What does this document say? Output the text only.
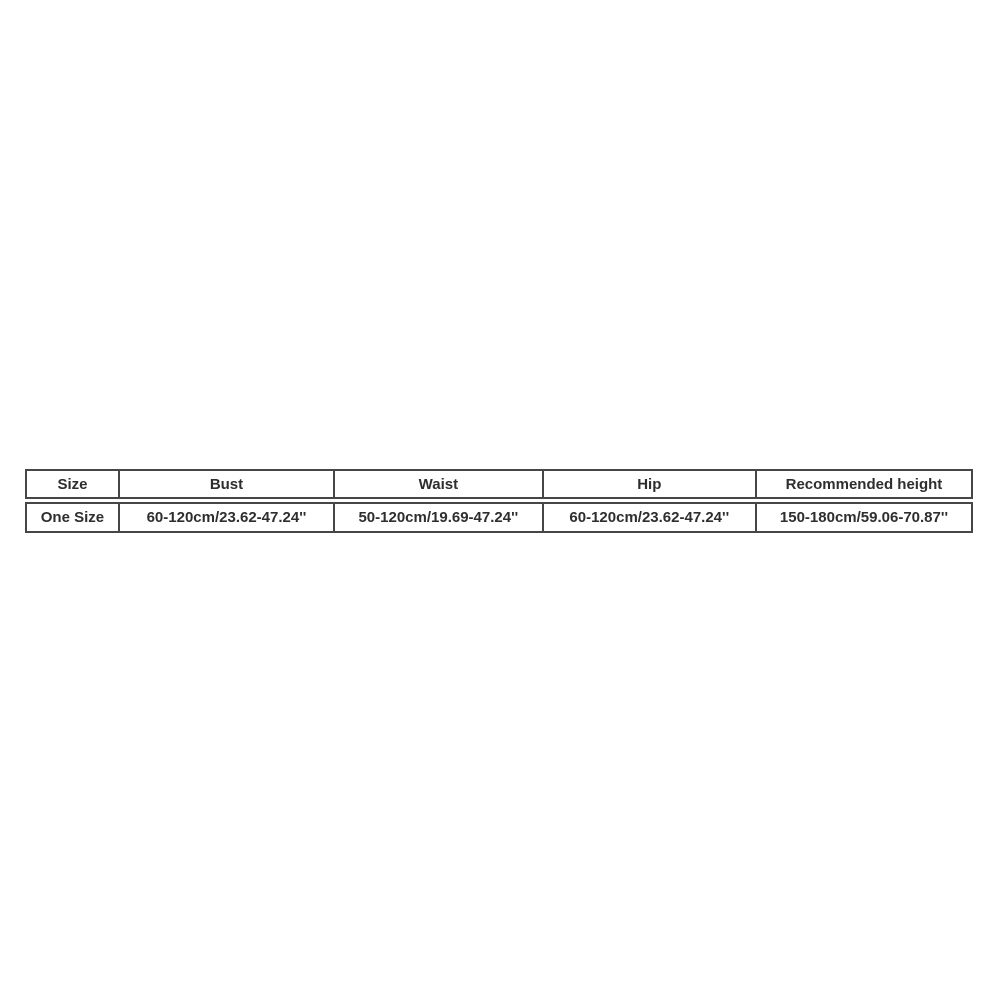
Size	Bust	Waist	Hip	Recommended height
One Size	60-120cm/23.62-47.24''	50-120cm/19.69-47.24''	60-120cm/23.62-47.24''	150-180cm/59.06-70.87''
